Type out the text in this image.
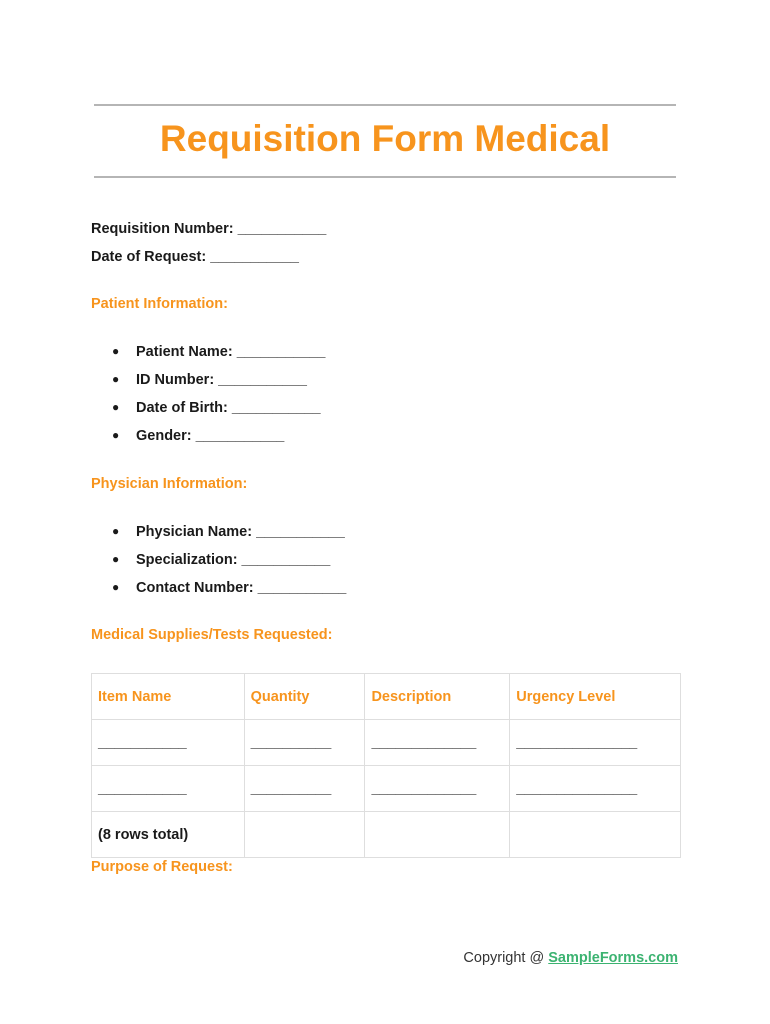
Requisition Form Medical
Requisition Number: ___________
Date of Request: ___________
Patient Information:
● Patient Name: ___________
● ID Number: ___________
● Date of Birth: ___________
● Gender: ___________
Physician Information:
● Physician Name: ___________
● Specialization: ___________
● Contact Number: ___________
Medical Supplies/Tests Requested:
Item Name	Quantity	Description	Urgency Level
___________	__________	_____________	_______________
___________	__________	_____________	_______________
(8 rows total)			
Purpose of Request:
Copyright @ SampleForms.com
